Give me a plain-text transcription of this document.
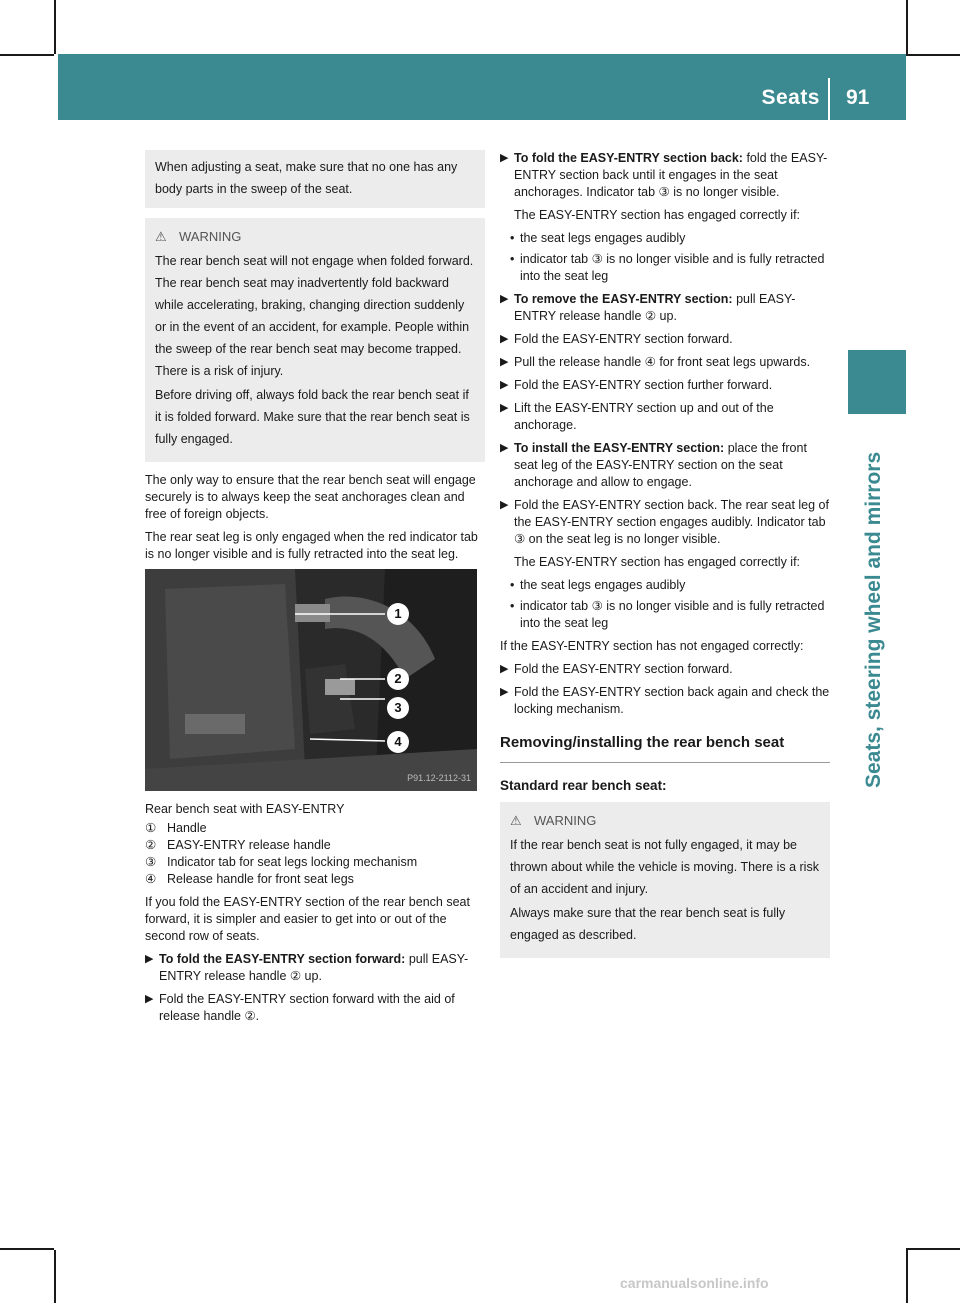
Seats 91
Seats, steering wheel and mirrors

When adjusting a seat, make sure that no one has any body parts in the sweep of the seat.

⚠ WARNING

The rear bench seat will not engage when folded forward. The rear bench seat may inadvertently fold backward while accelerating, braking, changing direction suddenly or in the event of an accident, for example. People within the sweep of the rear bench seat may become trapped. There is a risk of injury.

Before driving off, always fold back the rear bench seat if it is folded forward. Make sure that the rear bench seat is fully engaged.

The only way to ensure that the rear bench seat will engage securely is to always keep the seat anchorages clean and free of foreign objects.

The rear seat leg is only engaged when the red indicator tab is no longer visible and is fully retracted into the seat leg.

1
2
3
4
P91.12-2112-31

Rear bench seat with EASY-ENTRY

① Handle
② EASY-ENTRY release handle
③ Indicator tab for seat legs locking mechanism
④ Release handle for front seat legs

If you fold the EASY-ENTRY section of the rear bench seat forward, it is simpler and easier to get into or out of the second row of seats.

▶ To fold the EASY-ENTRY section forward: pull EASY-ENTRY release handle ② up.
▶ Fold the EASY-ENTRY section forward with the aid of release handle ②.
▶ To fold the EASY-ENTRY section back: fold the EASY-ENTRY section back until it engages in the seat anchorages. Indicator tab ③ is no longer visible.

The EASY-ENTRY section has engaged correctly if:

• the seat legs engages audibly
• indicator tab ③ is no longer visible and is fully retracted into the seat leg
▶ To remove the EASY-ENTRY section: pull EASY-ENTRY release handle ② up.
▶ Fold the EASY-ENTRY section forward.
▶ Pull the release handle ④ for front seat legs upwards.
▶ Fold the EASY-ENTRY section further forward.
▶ Lift the EASY-ENTRY section up and out of the anchorage.
▶ To install the EASY-ENTRY section: place the front seat leg of the EASY-ENTRY section on the seat anchorage and allow to engage.
▶ Fold the EASY-ENTRY section back. The rear seat leg of the EASY-ENTRY section engages audibly. Indicator tab ③ on the seat leg is no longer visible.

The EASY-ENTRY section has engaged correctly if:

• the seat legs engages audibly
• indicator tab ③ is no longer visible and is fully retracted into the seat leg

If the EASY-ENTRY section has not engaged correctly:

▶ Fold the EASY-ENTRY section forward.
▶ Fold the EASY-ENTRY section back again and check the locking mechanism.
Removing/installing the rear bench seat
Standard rear bench seat:

⚠ WARNING

If the rear bench seat is not fully engaged, it may be thrown about while the vehicle is moving. There is a risk of an accident and injury.

Always make sure that the rear bench seat is fully engaged as described.

carmanualsonline.info
